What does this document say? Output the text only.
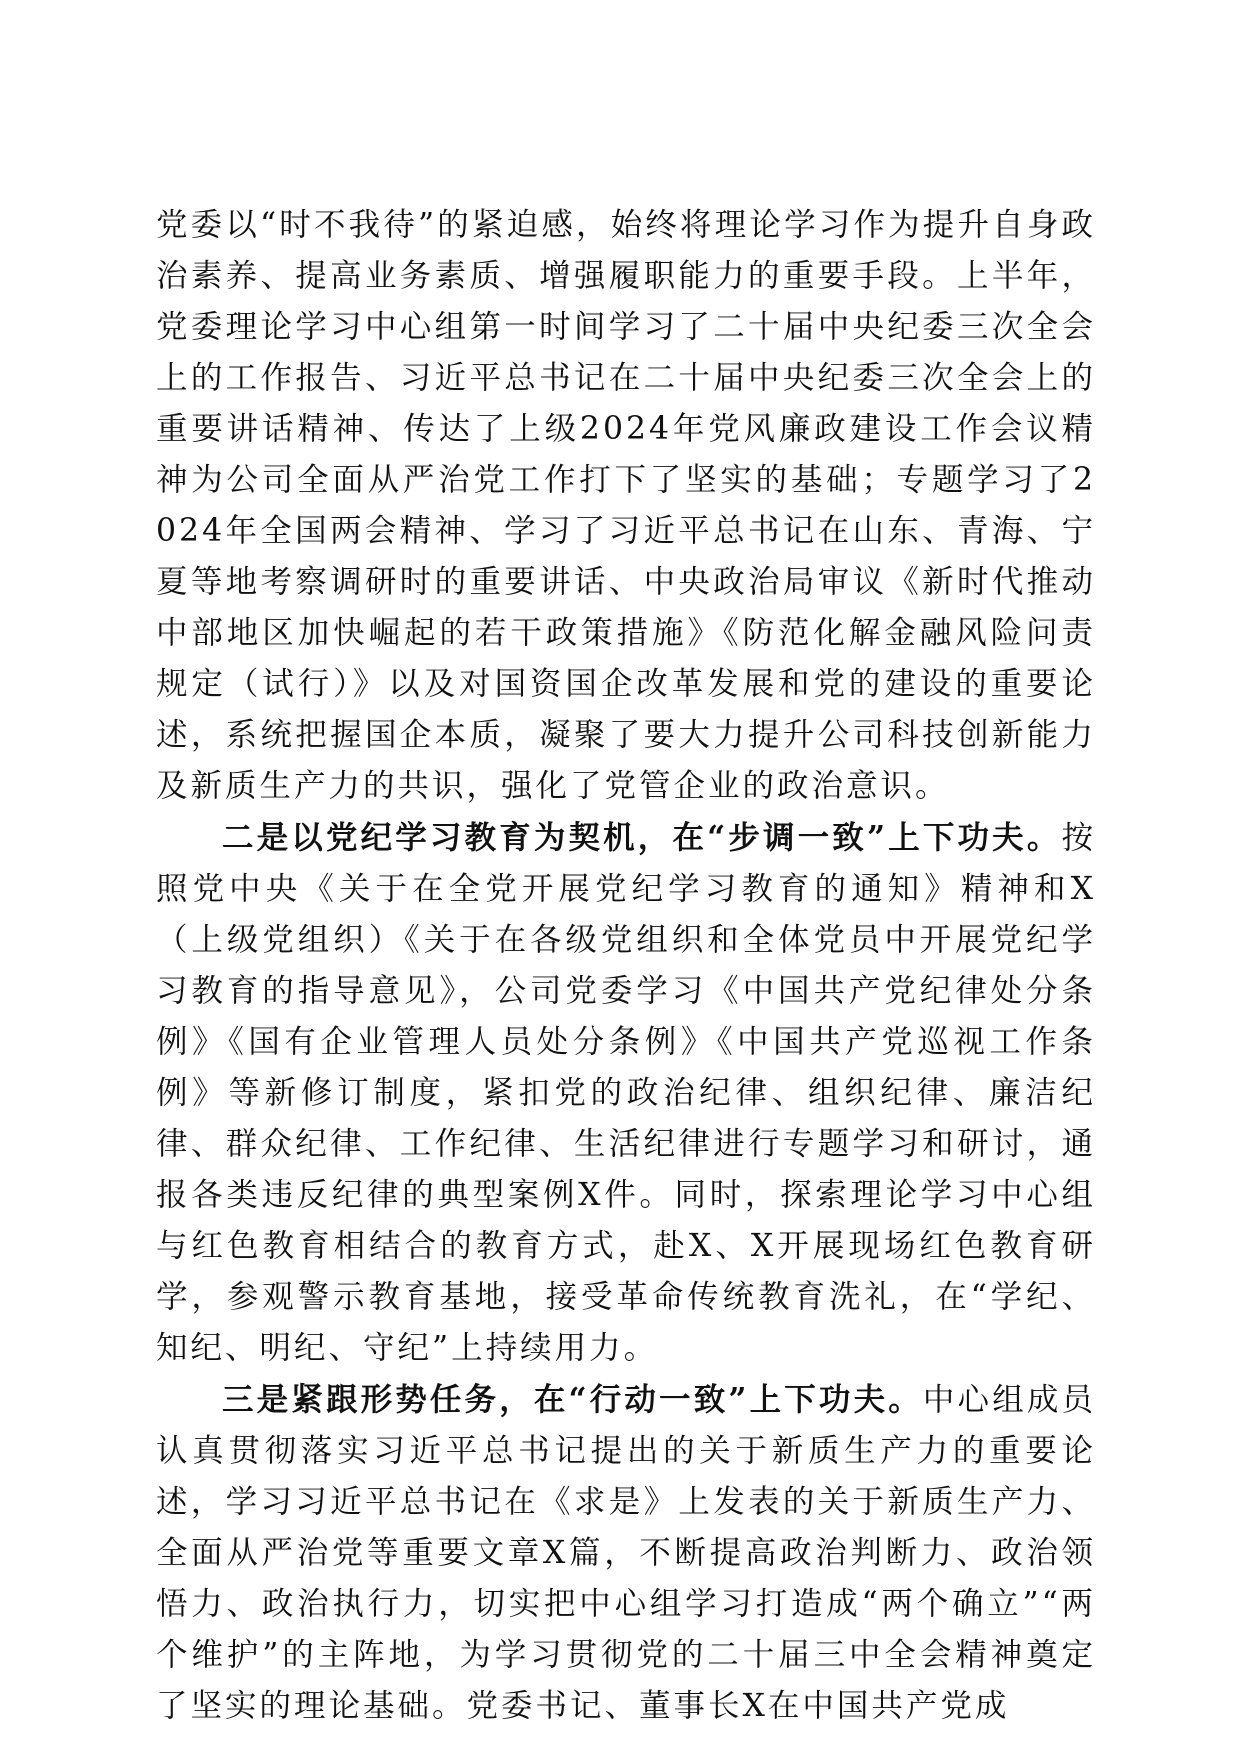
党委以“时不我待”的紧迫感，始终将理论学习作为提升自身政治素养、提高业务素质、增强履职能力的重要手段。上半年，党委理论学习中心组第一时间学习了二十届中央纪委三次全会上的工作报告、习近平总书记在二十届中央纪委三次全会上的重要讲话精神、传达了上级2024年党风廉政建设工作会议精神为公司全面从严治党工作打下了坚实的基础；专题学习了2024年全国两会精神、学习了习近平总书记在山东、青海、宁夏等地考察调研时的重要讲话、中央政治局审议《新时代推动中部地区加快崛起的若干政策措施》《防范化解金融风险问责规定（试行）》以及对国资国企改革发展和党的建设的重要论述，系统把握国企本质，凝聚了要大力提升公司科技创新能力及新质生产力的共识，强化了党管企业的政治意识。

二是以党纪学习教育为契机，在“步调一致”上下功夫。按照党中央《关于在全党开展党纪学习教育的通知》精神和X（上级党组织）《关于在各级党组织和全体党员中开展党纪学习教育的指导意见》，公司党委学习《中国共产党纪律处分条例》《国有企业管理人员处分条例》《中国共产党巡视工作条例》等新修订制度，紧扣党的政治纪律、组织纪律、廉洁纪律、群众纪律、工作纪律、生活纪律进行专题学习和研讨，通报各类违反纪律的典型案例X件。同时，探索理论学习中心组与红色教育相结合的教育方式，赴X、X开展现场红色教育研学，参观警示教育基地，接受革命传统教育洗礼，在“学纪、知纪、明纪、守纪”上持续用力。

三是紧跟形势任务，在“行动一致”上下功夫。中心组成员认真贯彻落实习近平总书记提出的关于新质生产力的重要论述，学习习近平总书记在《求是》上发表的关于新质生产力、全面从严治党等重要文章X篇，不断提高政治判断力、政治领悟力、政治执行力，切实把中心组学习打造成“两个确立”“两个维护”的主阵地，为学习贯彻党的二十届三中全会精神奠定了坚实的理论基础。党委书记、董事长X在中国共产党成
